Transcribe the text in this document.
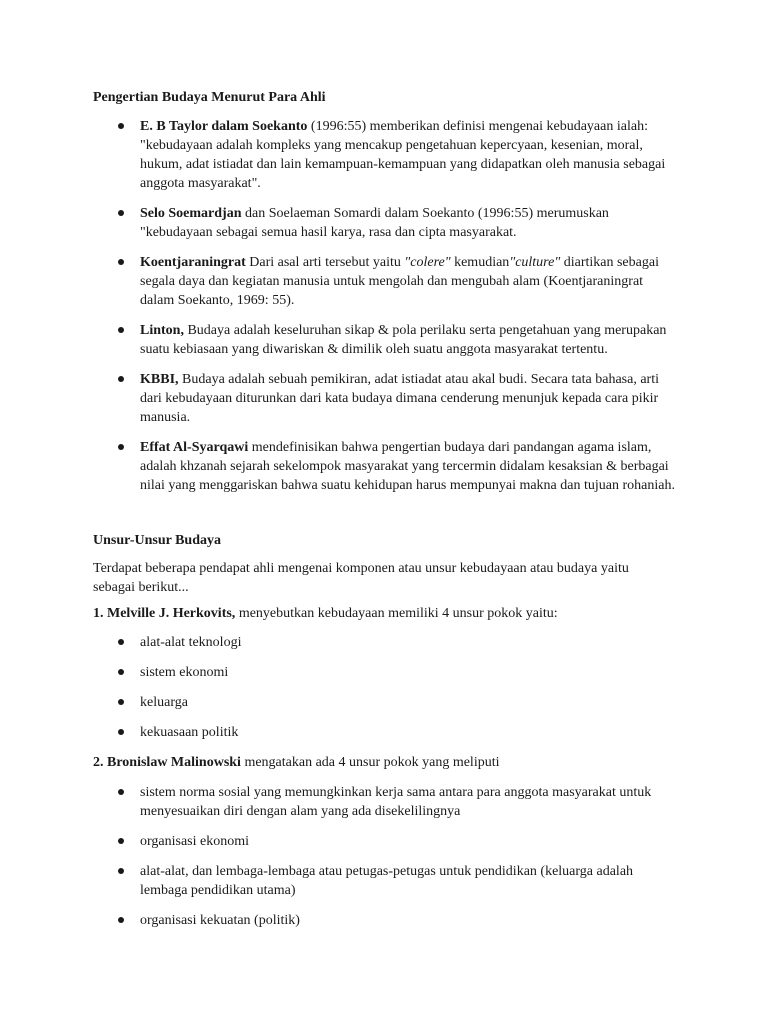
Pengertian Budaya Menurut Para Ahli
E. B Taylor dalam Soekanto (1996:55) memberikan definisi mengenai kebudayaan ialah: "kebudayaan adalah kompleks yang mencakup pengetahuan kepercyaan, kesenian, moral, hukum, adat istiadat dan lain kemampuan-kemampuan yang didapatkan oleh manusia sebagai anggota masyarakat".
Selo Soemardjan dan Soelaeman Somardi dalam Soekanto (1996:55) merumuskan "kebudayaan sebagai semua hasil karya, rasa dan cipta masyarakat.
Koentjaraningrat Dari asal arti tersebut yaitu "colere" kemudian"culture" diartikan sebagai segala daya dan kegiatan manusia untuk mengolah dan mengubah alam (Koentjaraningrat dalam Soekanto, 1969: 55).
Linton, Budaya adalah keseluruhan sikap & pola perilaku serta pengetahuan yang merupakan suatu kebiasaan yang diwariskan & dimilik oleh suatu anggota masyarakat tertentu.
KBBI, Budaya adalah sebuah pemikiran, adat istiadat atau akal budi. Secara tata bahasa, arti dari kebudayaan diturunkan dari kata budaya dimana cenderung menunjuk kepada cara pikir manusia.
Effat Al-Syarqawi mendefinisikan bahwa pengertian budaya dari pandangan agama islam, adalah khzanah sejarah sekelompok masyarakat yang tercermin didalam kesaksian & berbagai nilai yang menggariskan bahwa suatu kehidupan harus mempunyai makna dan tujuan rohaniah.
Unsur-Unsur Budaya
Terdapat beberapa pendapat ahli mengenai komponen atau unsur kebudayaan atau budaya yaitu sebagai berikut...
1. Melville J. Herkovits, menyebutkan kebudayaan memiliki 4 unsur pokok yaitu:
alat-alat teknologi
sistem ekonomi
keluarga
kekuasaan politik
2. Bronislaw Malinowski mengatakan ada 4 unsur pokok yang meliputi
sistem norma sosial yang memungkinkan kerja sama antara para anggota masyarakat untuk menyesuaikan diri dengan alam yang ada disekelilingnya
organisasi ekonomi
alat-alat, dan lembaga-lembaga atau petugas-petugas untuk pendidikan (keluarga adalah lembaga pendidikan utama)
organisasi kekuatan (politik)
